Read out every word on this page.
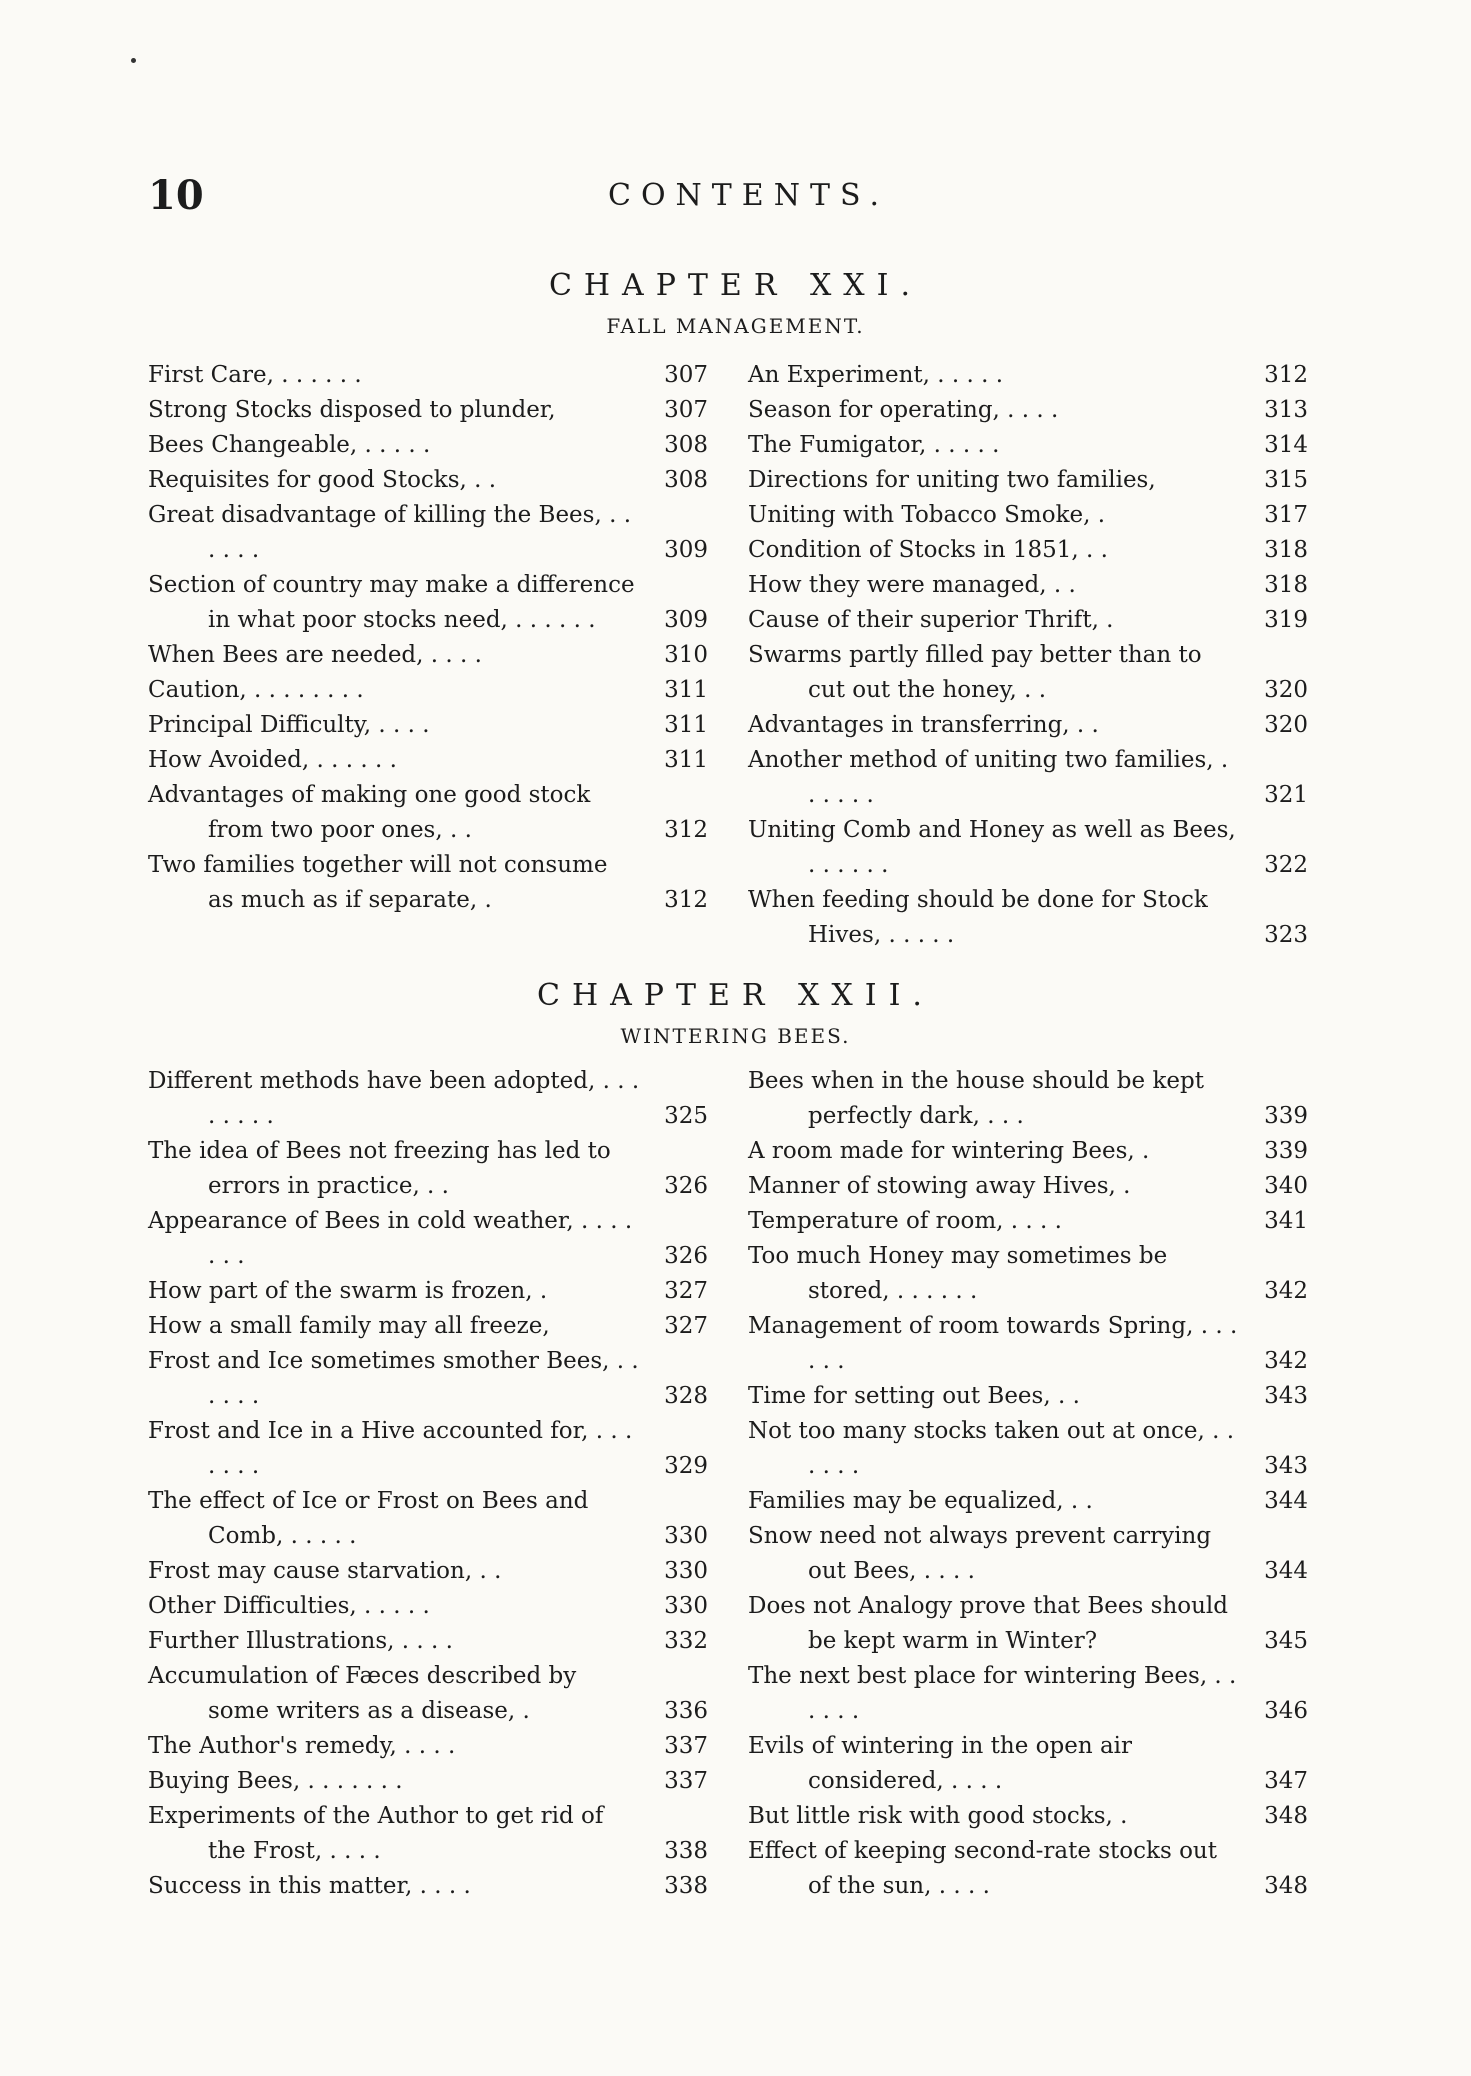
10	CONTENTS.
CHAPTER XXI.
FALL MANAGEMENT.
First Care, . . . . . .	307
Strong Stocks disposed to plunder,	307
Bees Changeable, . . . . .	308
Requisites for good Stocks, . .	308
Great disadvantage of killing the Bees, . . . . . .	309
Section of country may make a difference in what poor stocks need, . . . . . .	309
When Bees are needed, . . . .	310
Caution, . . . . . . . .	311
Principal Difficulty, . . . .	311
How Avoided, . . . . . .	311
Advantages of making one good stock from two poor ones, . .	312
Two families together will not consume as much as if separate, .	312
An Experiment, . . . . .	312
Season for operating, . . . .	313
The Fumigator, . . . . .	314
Directions for uniting two families,	315
Uniting with Tobacco Smoke, .	317
Condition of Stocks in 1851, . .	318
How they were managed, . .	318
Cause of their superior Thrift, .	319
Swarms partly filled pay better than to cut out the honey, . .	320
Advantages in transferring, . .	320
Another method of uniting two families, . . . . . .	321
Uniting Comb and Honey as well as Bees, . . . . . .	322
When feeding should be done for Stock Hives, . . . . .	323
CHAPTER XXII.
WINTERING BEES.
Different methods have been adopted, . . . . . . . .	325
The idea of Bees not freezing has led to errors in practice, . .	326
Appearance of Bees in cold weather, . . . . . . .	326
How part of the swarm is frozen, .	327
How a small family may all freeze,	327
Frost and Ice sometimes smother Bees, . . . . . .	328
Frost and Ice in a Hive accounted for, . . . . . . .	329
The effect of Ice or Frost on Bees and Comb, . . . . .	330
Frost may cause starvation, . .	330
Other Difficulties, . . . . .	330
Further Illustrations, . . . .	332
Accumulation of Fæces described by some writers as a disease, .	336
The Author's remedy, . . . .	337
Buying Bees, . . . . . . .	337
Experiments of the Author to get rid of the Frost, . . . .	338
Success in this matter, . . . .	338
Bees when in the house should be kept perfectly dark, . . .	339
A room made for wintering Bees, .	339
Manner of stowing away Hives, .	340
Temperature of room, . . . .	341
Too much Honey may sometimes be stored, . . . . . .	342
Management of room towards Spring, . . . . . .	342
Time for setting out Bees, . .	343
Not too many stocks taken out at once, . . . . . .	343
Families may be equalized, . .	344
Snow need not always prevent carrying out Bees, . . . .	344
Does not Analogy prove that Bees should be kept warm in Winter?	345
The next best place for wintering Bees, . . . . . .	346
Evils of wintering in the open air considered, . . . .	347
But little risk with good stocks, .	348
Effect of keeping second-rate stocks out of the sun, . . . .	348
